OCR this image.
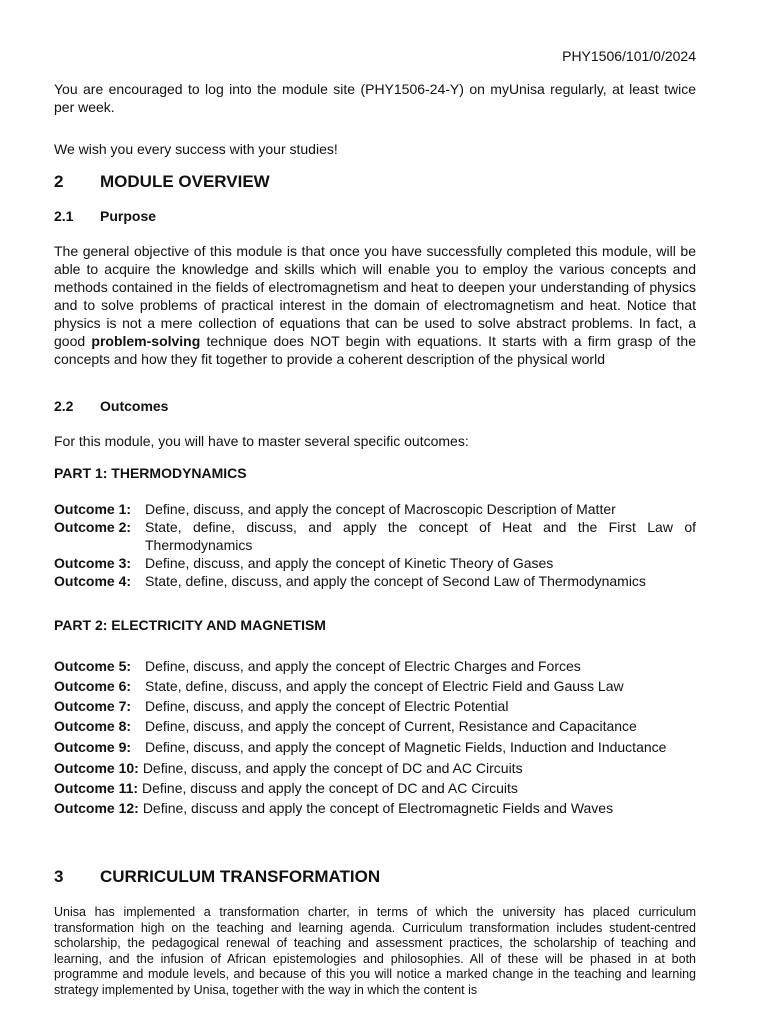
PHY1506/101/0/2024

You are encouraged to log into the module site (PHY1506-24-Y) on myUnisa regularly, at least twice per week.

We wish you every success with your studies!

2	MODULE OVERVIEW
2.1	Purpose

The general objective of this module is that once you have successfully completed this module, will be able to acquire the knowledge and skills which will enable you to employ the various concepts and methods contained in the fields of electromagnetism and heat to deepen your understanding of physics and to solve problems of practical interest in the domain of electromagnetism and heat. Notice that physics is not a mere collection of equations that can be used to solve abstract problems. In fact, a good problem-solving technique does NOT begin with equations. It starts with a firm grasp of the concepts and how they fit together to provide a coherent description of the physical world

2.2	Outcomes

For this module, you will have to master several specific outcomes:

PART 1: THERMODYNAMICS

Outcome 1: Define, discuss, and apply the concept of Macroscopic Description of Matter
Outcome 2: State, define, discuss, and apply the concept of Heat and the First Law of Thermodynamics
Outcome 3: Define, discuss, and apply the concept of Kinetic Theory of Gases
Outcome 4: State, define, discuss, and apply the concept of Second Law of Thermodynamics

PART 2: ELECTRICITY AND MAGNETISM

Outcome 5: Define, discuss, and apply the concept of Electric Charges and Forces
Outcome 6: State, define, discuss, and apply the concept of Electric Field and Gauss Law
Outcome 7: Define, discuss, and apply the concept of Electric Potential
Outcome 8: Define, discuss, and apply the concept of Current, Resistance and Capacitance
Outcome 9: Define, discuss, and apply the concept of Magnetic Fields, Induction and Inductance
Outcome 10: Define, discuss, and apply the concept of DC and AC Circuits
Outcome 11: Define, discuss and apply the concept of DC and AC Circuits
Outcome 12: Define, discuss and apply the concept of Electromagnetic Fields and Waves
3	CURRICULUM TRANSFORMATION

Unisa has implemented a transformation charter, in terms of which the university has placed curriculum transformation high on the teaching and learning agenda. Curriculum transformation includes student-centred scholarship, the pedagogical renewal of teaching and assessment practices, the scholarship of teaching and learning, and the infusion of African epistemologies and philosophies. All of these will be phased in at both programme and module levels, and because of this you will notice a marked change in the teaching and learning strategy implemented by Unisa, together with the way in which the content is
